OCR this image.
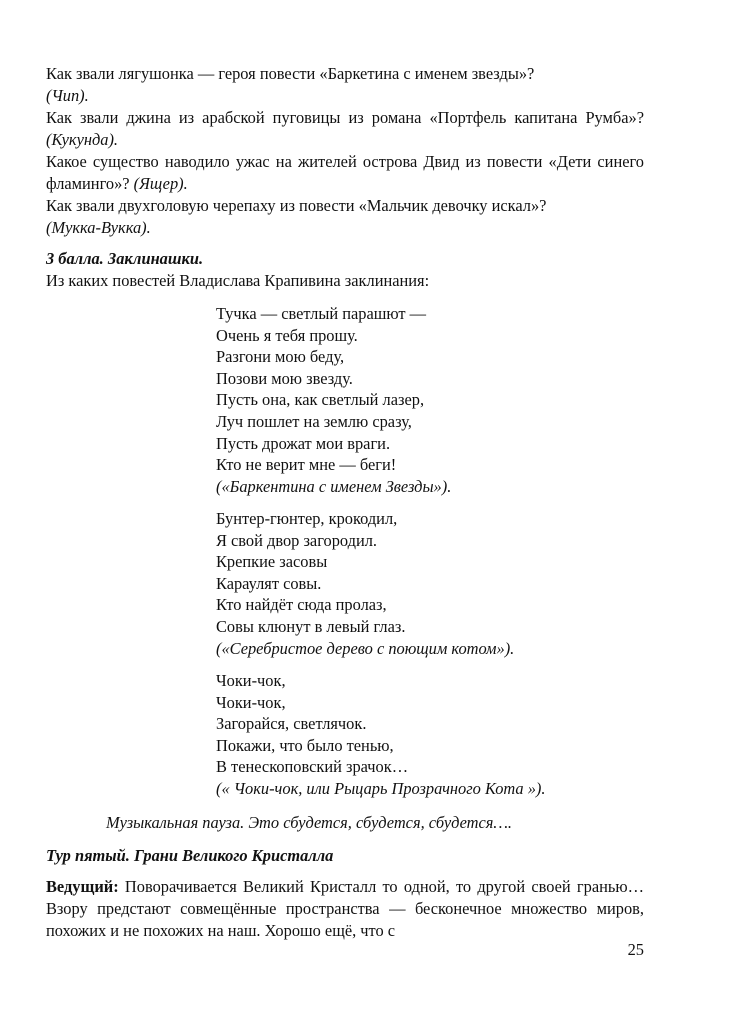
Как звали лягушонка — героя повести «Баркетина с именем звезды»?
(Чип).

Как звали джина из арабской пуговицы из романа «Портфель капитана Румба»? (Кукунда).

Какое существо наводило ужас на жителей острова Двид из повести «Дети синего фламинго»? (Ящер).

Как звали двухголовую черепаху из повести «Мальчик девочку искал»?
(Мукка-Вукка).

3 балла. Заклинашки.
Из каких повестей Владислава Крапивина заклинания:
Тучка — светлый парашют —
Очень я тебя прошу.
Разгони мою беду,
Позови мою звезду.
Пусть она, как светлый лазер,
Луч пошлет на землю сразу,
Пусть дрожат мои враги.
Кто не верит мне — беги!
(«Баркентина с именем Звезды»).
Бунтер-гюнтер, крокодил,
Я свой двор загородил.
Крепкие засовы
Караулят совы.
Кто найдёт сюда пролаз,
Совы клюнут в левый глаз.
(«Серебристое дерево с поющим котом»).
Чоки-чок,
Чоки-чок,
Загорайся, светлячок.
Покажи, что было тенью,
В тенескоповский зрачок…
(« Чоки-чок, или Рыцарь Прозрачного Кота »).
Музыкальная пауза. Это сбудется, сбудется, сбудется….
Тур пятый. Грани Великого Кристалла

Ведущий: Поворачивается Великий Кристалл то одной, то другой своей гранью… Взору предстают совмещённые пространства — бесконечное множество миров, похожих и не похожих на наш. Хорошо ещё, что с

25
